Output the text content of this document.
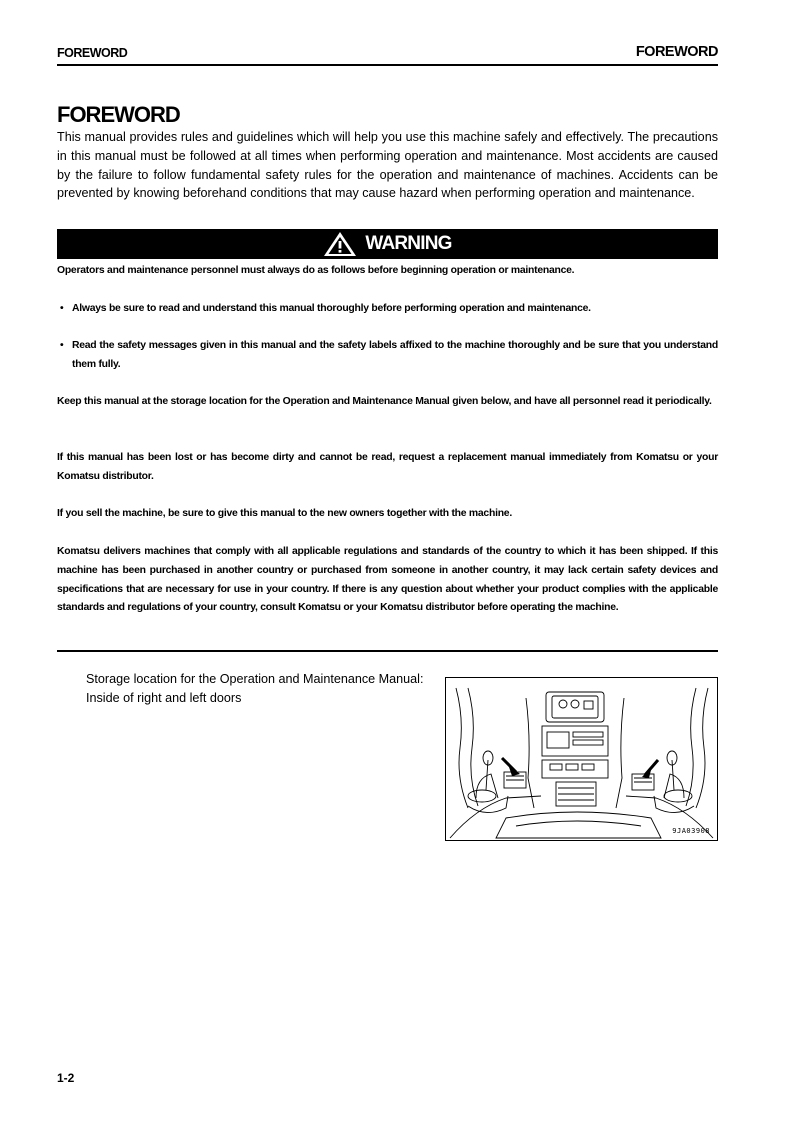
FOREWORD	FOREWORD
FOREWORD
This manual provides rules and guidelines which will help you use this machine safely and effectively. The precautions in this manual must be followed at all times when performing operation and maintenance. Most accidents are caused by the failure to follow fundamental safety rules for the operation and maintenance of machines. Accidents can be prevented by knowing beforehand conditions that may cause hazard when performing operation and maintenance.
WARNING
Operators and maintenance personnel must always do as follows before beginning operation or maintenance.
• Always be sure to read and understand this manual thoroughly before performing operation and maintenance.
• Read the safety messages given in this manual and the safety labels affixed to the machine thoroughly and be sure that you understand them fully.
Keep this manual at the storage location for the Operation and Maintenance Manual given below, and have all personnel read it periodically.
If this manual has been lost or has become dirty and cannot be read, request a replacement manual immediately from Komatsu or your Komatsu distributor.
If you sell the machine, be sure to give this manual to the new owners together with the machine.
Komatsu delivers machines that comply with all applicable regulations and standards of the country to which it has been shipped. If this machine has been purchased in another country or purchased from someone in another country, it may lack certain safety devices and specifications that are necessary for use in your country. If there is any question about whether your product complies with the applicable standards and regulations of your country, consult Komatsu or your Komatsu distributor before operating the machine.
Storage location for the Operation and Maintenance Manual:
Inside of right and left doors
9JA03908
1-2
